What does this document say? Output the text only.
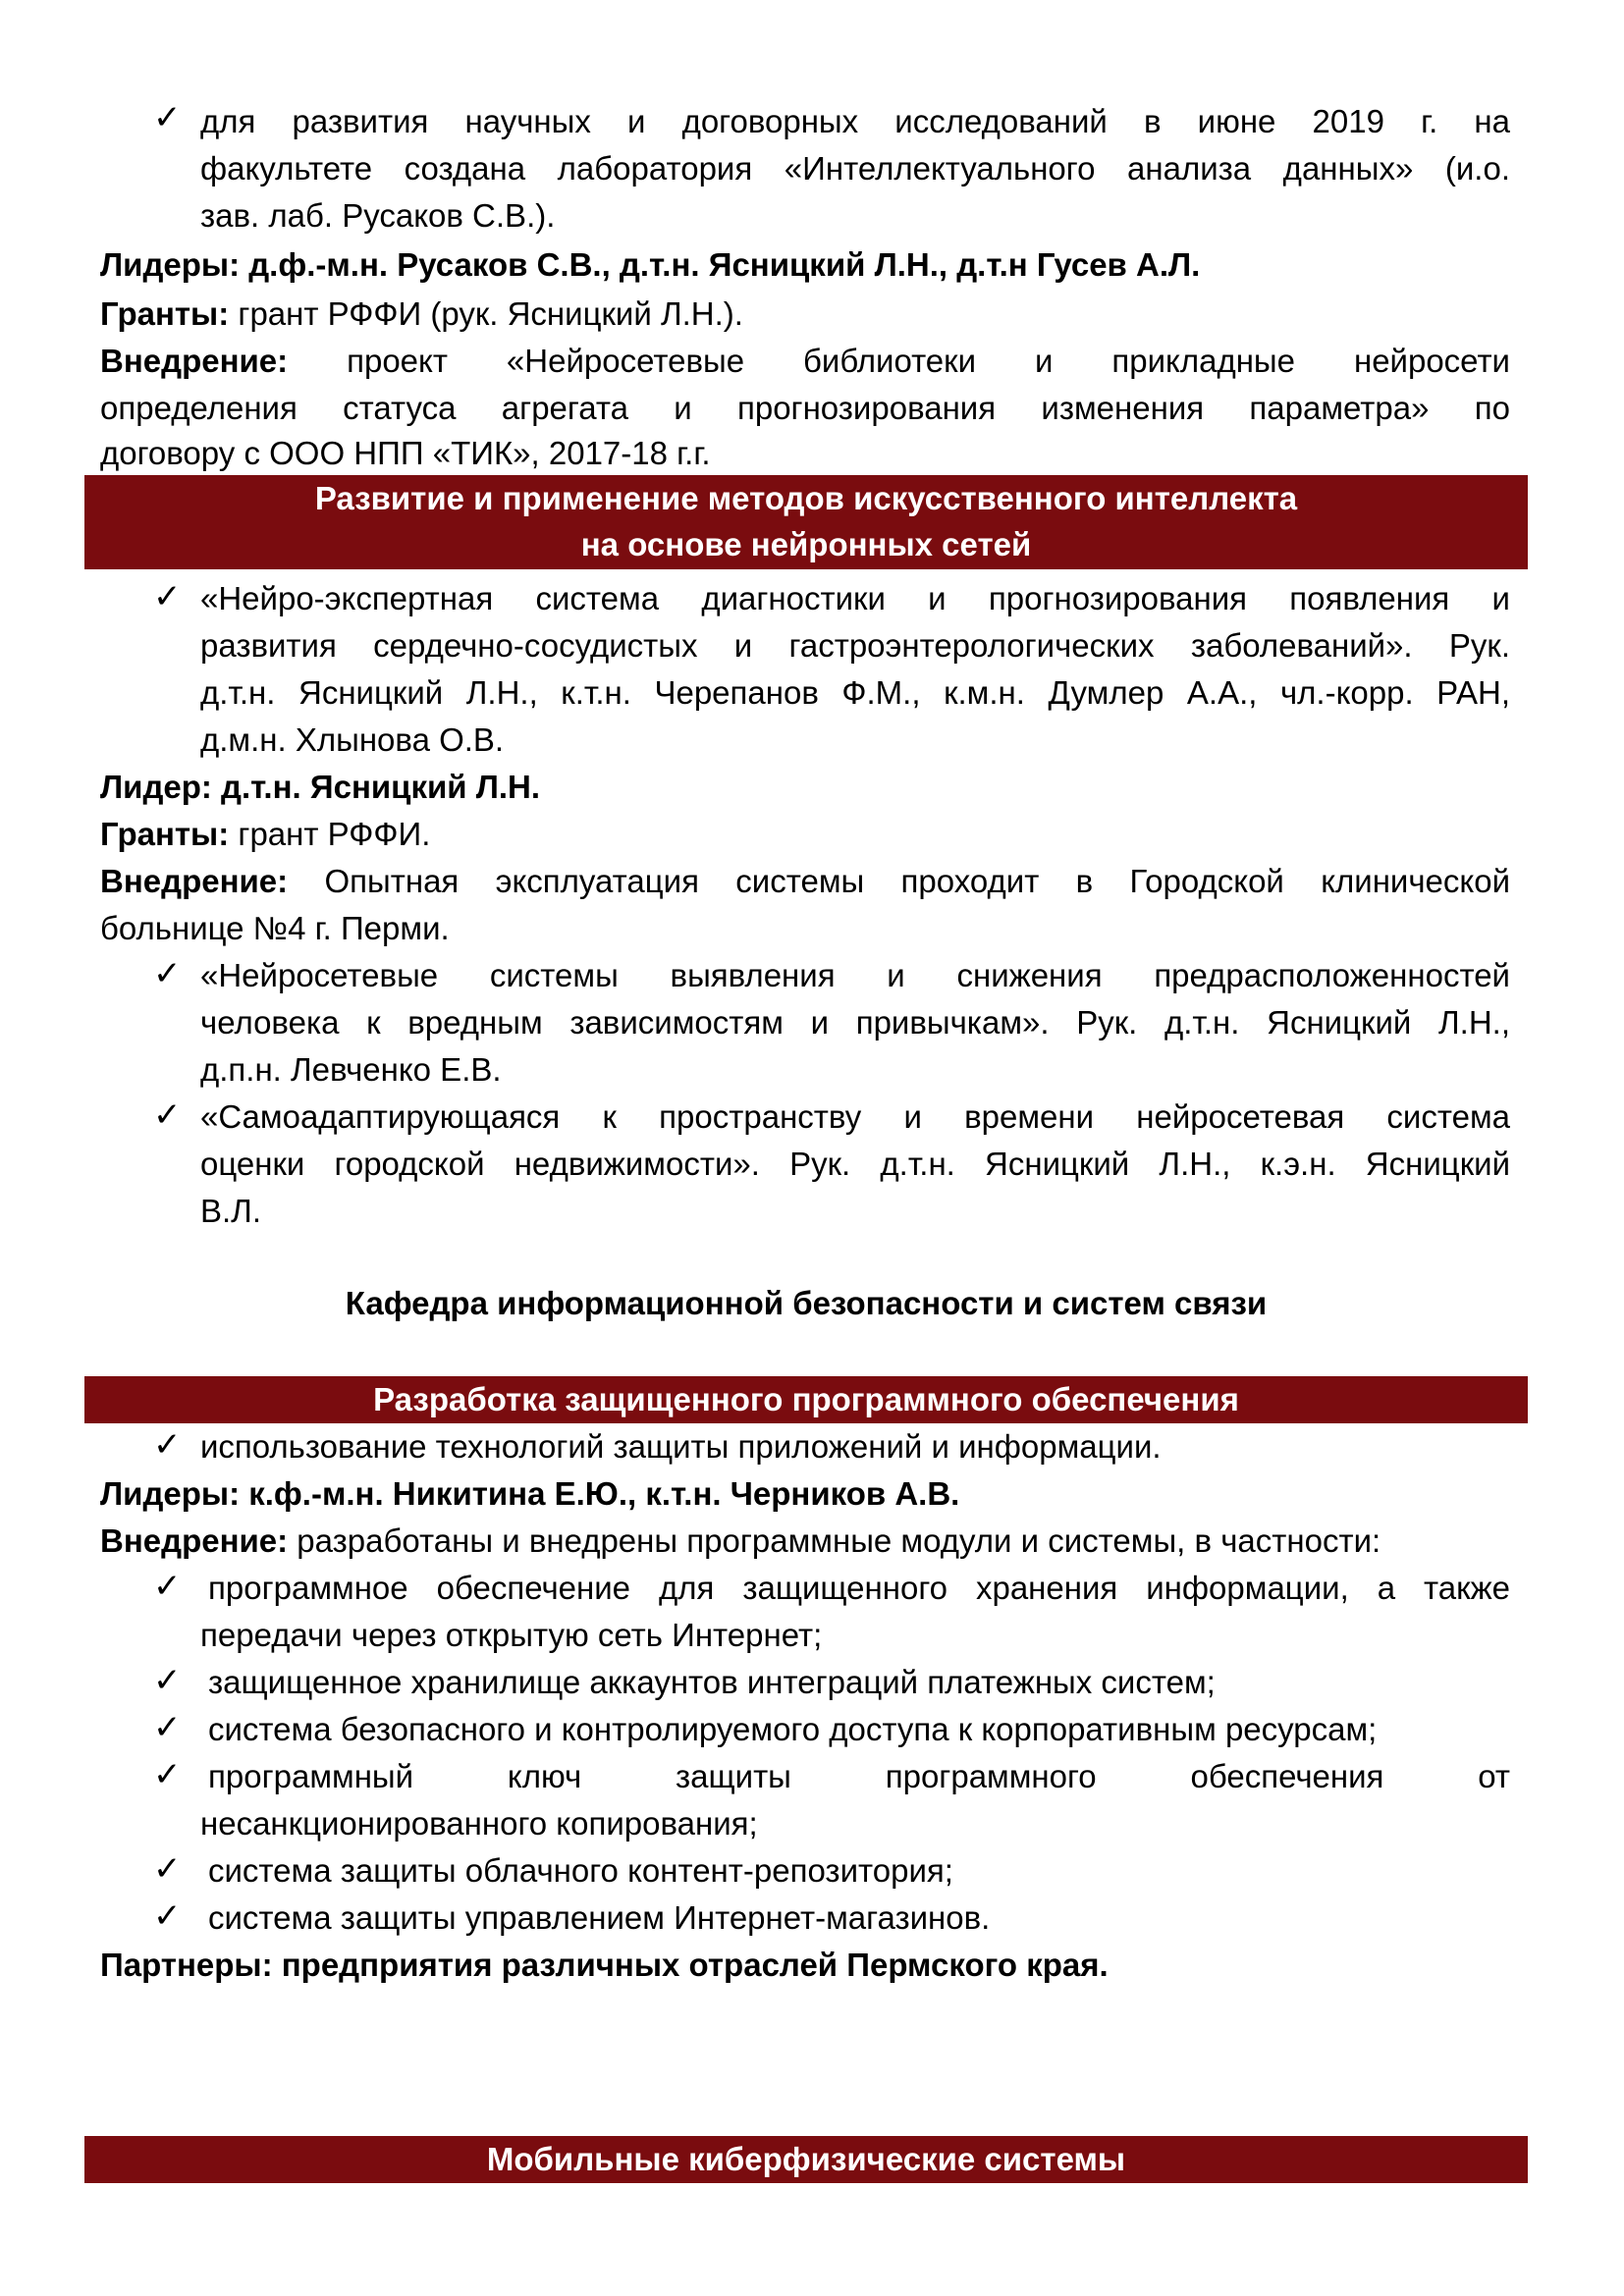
✓ для развития научных и договорных исследований в июне 2019 г. на
факультете создана лаборатория «Интеллектуального анализа данных» (и.о.
зав. лаб. Русаков С.В.).
Лидеры: д.ф.-м.н. Русаков С.В., д.т.н. Ясницкий Л.Н., д.т.н Гусев А.Л.
Гранты: грант РФФИ (рук. Ясницкий Л.Н.).
Внедрение: проект «Нейросетевые библиотеки и прикладные нейросети
определения статуса агрегата и прогнозирования изменения параметра» по
договору с ООО НПП «ТИК», 2017-18 г.г.
Развитие и применение методов искусственного интеллекта
на основе нейронных сетей
✓ «Нейро-экспертная система диагностики и прогнозирования появления и
развития сердечно-сосудистых и гастроэнтерологических заболеваний». Рук.
д.т.н. Ясницкий Л.Н., к.т.н. Черепанов Ф.М., к.м.н. Думлер А.А., чл.-корр. РАН,
д.м.н. Хлынова О.В.
Лидер: д.т.н. Ясницкий Л.Н.
Гранты: грант РФФИ.
Внедрение: Опытная эксплуатация системы проходит в Городской клинической
больнице №4 г. Перми.
✓ «Нейросетевые системы выявления и снижения предрасположенностей
человека к вредным зависимостям и привычкам». Рук. д.т.н. Ясницкий Л.Н.,
д.п.н. Левченко Е.В.
✓ «Самоадаптирующаяся к пространству и времени нейросетевая система
оценки городской недвижимости». Рук. д.т.н. Ясницкий Л.Н., к.э.н. Ясницкий
В.Л.
Кафедра информационной безопасности и систем связи
Разработка защищенного программного обеспечения
✓ использование технологий защиты приложений и информации.
Лидеры: к.ф.-м.н. Никитина Е.Ю., к.т.н. Черников А.В.
Внедрение: разработаны и внедрены программные модули и системы, в частности:
✓ программное обеспечение для защищенного хранения информации, а также
передачи через открытую сеть Интернет;
✓ защищенное хранилище аккаунтов интеграций платежных систем;
✓ система безопасного и контролируемого доступа к корпоративным ресурсам;
✓ программный ключ защиты программного обеспечения от
несанкционированного копирования;
✓ система защиты облачного контент-репозитория;
✓ система защиты управлением Интернет-магазинов.
Партнеры: предприятия различных отраслей Пермского края.
Мобильные киберфизические системы
